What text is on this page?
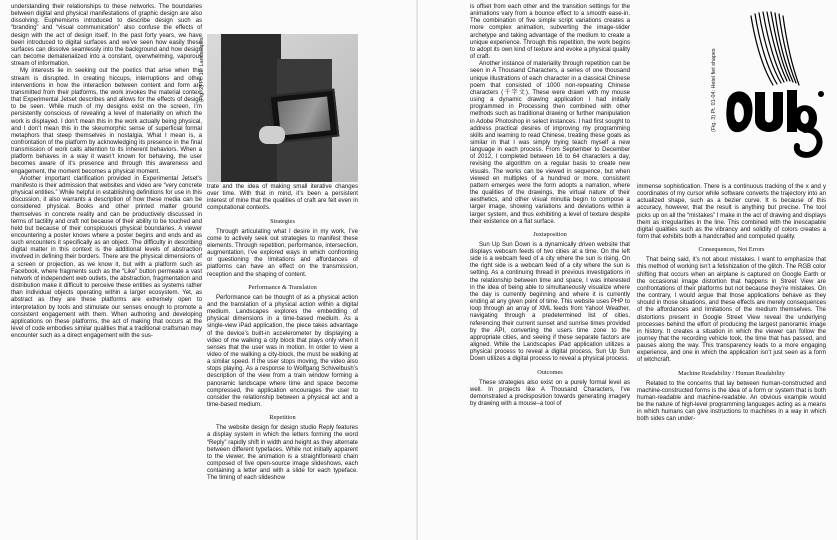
understanding their relationships to these networks. The boundaries between digital and physical manifestations of graphic design are also dissolving. Euphemisms introduced to describe design such as “branding” and “visual communication” also confuse the effects of design with the act of design itself. In the past forty years, we have been introduced to digital surfaces and we’ve seen how easily these surfaces can dissolve seamlessly into the background and how design can become dematerialized into a constant, overwhelming, vaporous stream of information.

My interests lie in seeking out the poetics that arise when this stream is disrupted. In creating hiccups, interruptions and other interventions in how the interaction between content and form are transmitted from their platforms, the work invokes the material context that Experimental Jetset describes and allows for the effects of design to be seen. While much of my designs exist on the screen, I’m persistently conscious of revealing a level of materiality on which the work is displayed. I don’t mean this in the work actually being physical, and I don’t mean this in the skeumorphic sense of superficial formal metaphors that steep themselves in nostalgia. What I mean is, a confrontation of the platform by acknowledging its presence in the final transmission of work calls attention to its inherent behaviors. When a platform behaves in a way it wasn’t known for behaving, the user becomes aware of it’s presence and through this awareness and engagement, the moment becomes a physical moment.

Another important clarification provided in Experimental Jetset’s manifesto is their admission that websites and video are “very concrete physical entities.” While helpful in establishing definitions for use in this discussion, it also warrants a description of how these media can be considered physical. Books and other printed matter ground themselves in concrete reality and can be productively discussed in terms of tactility and craft not because of their ability to be touched and held but because of their conspicuous physical boundaries. A viewer encountering a poster knows where a poster begins and ends and as such encounters it specifically as an object. The difficulty in describing digital matter in this context is the additional levels of abstraction involved in defining their borders. There are the physical dimensions of a screen or projection, as we know it, but with a platform such as Facebook, where fragments such as the “Like” button permeate a vast network of independent web outlets, the abstraction, fragmentation and distribution make it difficult to perceive these entities as systems rather than individual objects operating within a larger ecosystem. Yet, as abstract as they are these platforms are extremely open to interpretation by tools and stimulate our senses enough to promote a consistent engagement with them. When authoring and developing applications on these platforms, the act of making that occurs at the level of code embodies similar qualities that a traditional craftsman may encounter such as a direct engagement with the sus-

(Fig. 2) Pt. 10: Landscapes

trate and the idea of making small iterative changes over time. With that in mind, it’s been a persistent interest of mine that the qualities of craft are felt even in computational contexts.

Strategies

Through articulating what I desire in my work, I’ve come to actively seek out strategies to manifest these elements. Through repetition, performance, intersection, augmentation, I’ve explored ways in which confronting or questioning the limitations and affordances of platforms can have an effect on the transmission, reception and the shaping of content.

Performance & Translation

Performance can be thought of as a physical action and the translation of a physical action within a digital medium. Landscapes explores the embedding of physical dimensions in a time-based medium. As a single-view iPad application, the piece takes advantage of the device’s built-in accelerometer by displaying a video of me walking a city block that plays only when it senses that the user was in motion. In order to view a video of me walking a city-block, the must be walking at a similar speed. If the user stops moving, the video also stops playing. As a response to Wolfgang Schivelbush’s description of the view from a train window forming a panoramic landscape where time and space become compressed, the application encourages the user to consider the relationship between a physical act and a time-based medium.

Repetition

The website design for design studio Reply features a display system in which the letters forming the word “Reply” rapidly shift in width and height as they alternate between different typefaces. While not initially apparent to the viewer, the animation is a straightforward chain composed of five open-source image slideshows, each containing a letter and with a slide for each typeface. The timing of each slideshow

is offset from each other and the transition settings for the animations vary from a bounce effect to a smooth ease-in. The combination of five simple script variations creates a more complex animation, subverting the image-slider archetype and taking advantage of the medium to create a unique experience. Through this repetition, the work begins to adopt its own kind of texture and evoke a physical quality of craft.

Another instance of materiality through repetition can be seen in A Thousand Characters, a series of one thousand unique illustrations of each character in a classical Chinese poem that consisted of 1000 non-repeating Chinese characters (千字文). These were drawn with my mouse using a dynamic drawing application I had initially programmed in Processing then combined with other methods such as traditional drawing or further manipulation in Adobe Photoshop in select instances. I had first sought to address practical desires of improving my programming skills and learning to read Chinese, treating these goals as similar in that I was simply trying teach myself a new language in each process. From September to December of 2012, I completed between 16 to 64 characters a day, revising the algorithm on a regular basis to create new visuals. The works can be viewed in sequence, but when viewed en multiples of a hundred or more, consistent pattern emerges were the form adopts a narration, where the qualities of the drawings, the virtual nature of their aesthetics, and other visual minutia begin to compose a larger image, showing variations and deviations within a larger system, and thus exhibiting a level of texture despite their existence on a flat surface.

Juxtaposition

Sun Up Sun Down is a dynamically driven website that displays webcam feeds of two cities at a time. On the left side is a webcam feed of a city where the sun is rising. On the right side is a webcam feed of a city where the sun is setting. As a continuing thread in previous investigations in the relationship between time and space, I was interested in the idea of being able to simultaneously visualize where the day is currently beginning and where it is currently ending at any given point of time. This website uses PHP to loop through an array of XML feeds from Yahoo! Weather, navigating through a predetermined list of cities, referencing their current sunset and sunrise times provided by the API, converting the users time zone to the appropriate cities, and seeing if these separate factors are aligned. While the Landscapes iPad application utilizes a physical process to reveal a digital process, Sun Up Sun Down utilizes a digital process to reveal a physical process.

Outcomes

These strategies also exist on a purely formal level as well. In projects like A Thousand Characters, I’ve demonstrated a predisposition towards generating imagery by drawing with a mouse–a tool of

(Fig. 3) Pt. 01-04: Hetel fiet shapes

immense sophistication. There is a continuous tracking of the x and y coordinates of my cursor while software converts the trajectory into an actualized shape, such as a bezier curve. It is because of this accuracy, however, that the result is anything but precise. The tool picks up on all the “mistakes” I make in the act of drawing and displays them as irregularities in the line. This combined with the inescapable digital qualities such as the vibrancy and solidity of colors creates a form that exhibits both a handcrafted and computed quality.

Consequences, Not Errors

That being said, it’s not about mistakes. I want to emphasize that this method of working isn’t a fetishization of the glitch. The RGB color shifting that occurs when an airplane is captured on Google Earth or the occasional image distortion that happens in Street View are confrontations of their platforms but not because they’re mistakes. On the contrary, I would argue that those applications behave as they should in those situations, and these effects are merely consequences of the affordances and limitations of the medium themselves. The distortions present in Google Street View reveal the underlying processes behind the effort of producing the largest panoramic image in history. It creates a situation in which the viewer can follow the journey that the recording vehicle took, the time that has passed, and pauses along the way. This transparency leads to a more engaging experience, and one in which the application isn’t just seen as a form of witchcraft.

Machine Readability / Human Readability

Related to the concerns that lay between human-constructed and machine-constructed forms is the idea of a form or system that is both human-readable and machine-readable. An obvious example would be the nature of high-level programming languages acting as a means in which humans can give instructions to machines in a way in which both sides can under-
